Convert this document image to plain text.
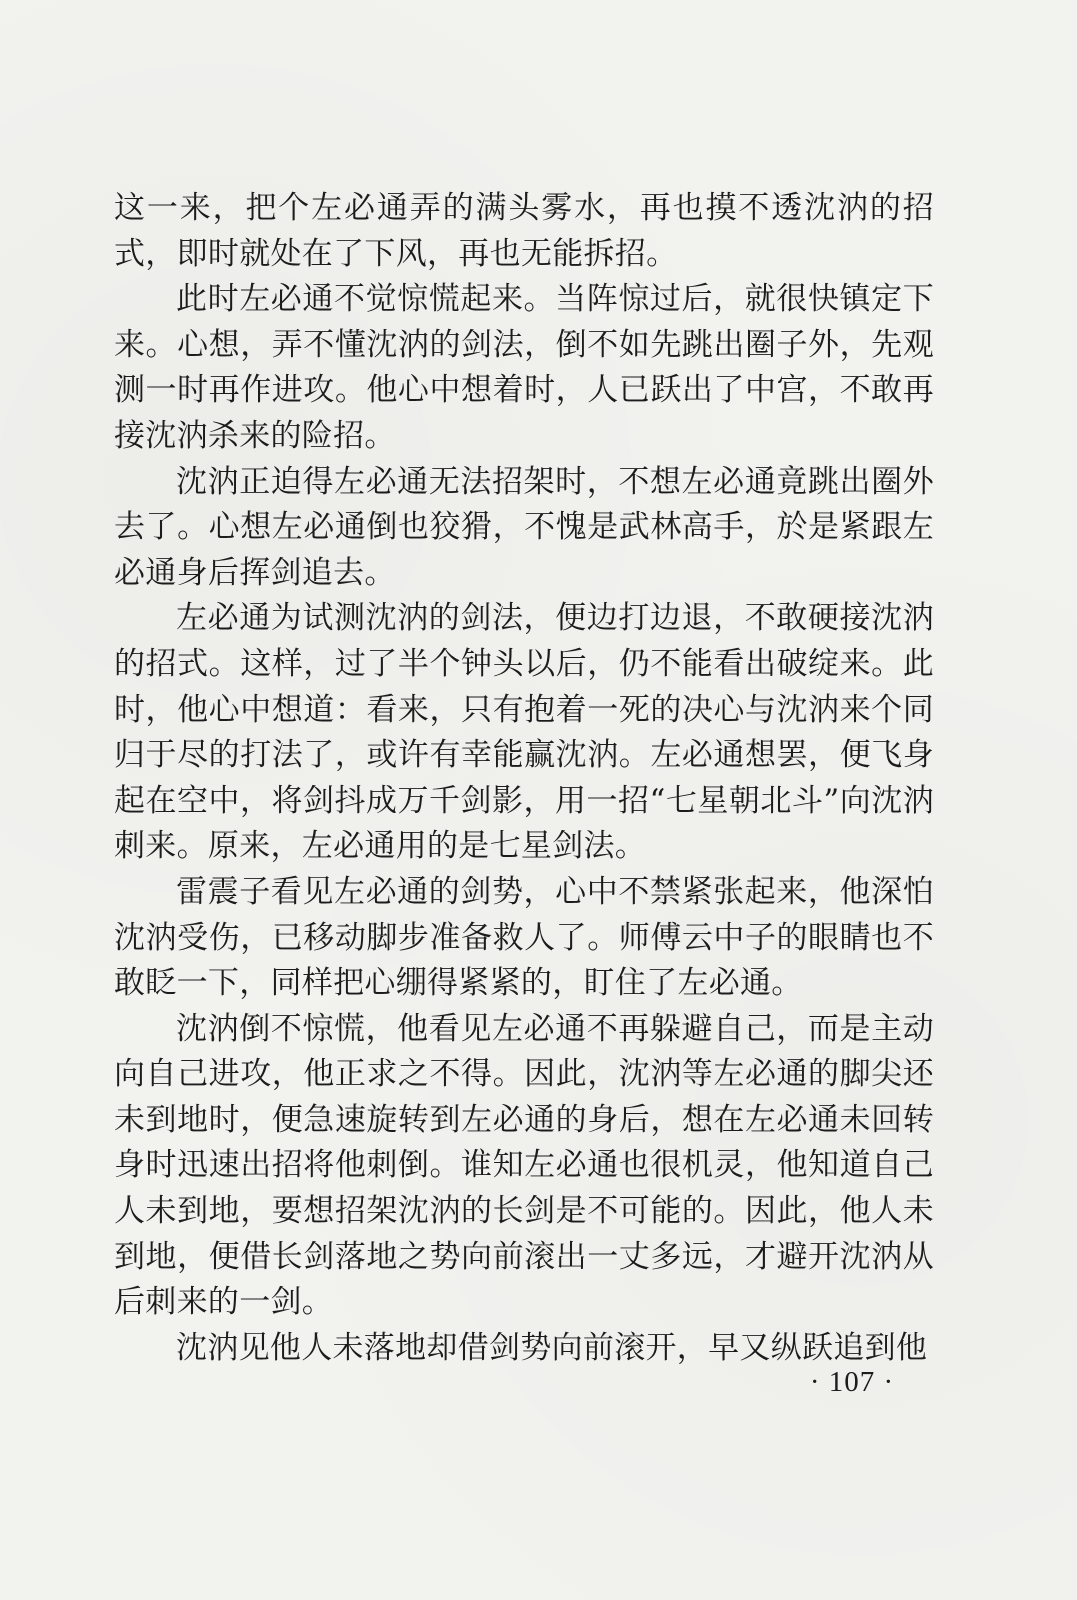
这一来，把个左必通弄的满头雾水，再也摸不透沈汭的招式，即时就处在了下风，再也无能拆招。

此时左必通不觉惊慌起来。当阵惊过后，就很快镇定下来。心想，弄不懂沈汭的剑法，倒不如先跳出圈子外，先观测一时再作进攻。他心中想着时，人已跃出了中宫，不敢再接沈汭杀来的险招。

沈汭正迫得左必通无法招架时，不想左必通竟跳出圈外去了。心想左必通倒也狡猾，不愧是武林高手，於是紧跟左必通身后挥剑追去。

左必通为试测沈汭的剑法，便边打边退，不敢硬接沈汭的招式。这样，过了半个钟头以后，仍不能看出破绽来。此时，他心中想道：看来，只有抱着一死的决心与沈汭来个同归于尽的打法了，或许有幸能赢沈汭。左必通想罢，便飞身起在空中，将剑抖成万千剑影，用一招“七星朝北斗”向沈汭刺来。原来，左必通用的是七星剑法。

雷震子看见左必通的剑势，心中不禁紧张起来，他深怕沈汭受伤，已移动脚步准备救人了。师傅云中子的眼睛也不敢眨一下，同样把心绷得紧紧的，盯住了左必通。

沈汭倒不惊慌，他看见左必通不再躲避自己，而是主动向自己进攻，他正求之不得。因此，沈汭等左必通的脚尖还未到地时，便急速旋转到左必通的身后，想在左必通未回转身时迅速出招将他刺倒。谁知左必通也很机灵，他知道自己人未到地，要想招架沈汭的长剑是不可能的。因此，他人未到地，便借长剑落地之势向前滚出一丈多远，才避开沈汭从后刺来的一剑。

沈汭见他人未落地却借剑势向前滚开，早又纵跃追到他

· 107 ·
